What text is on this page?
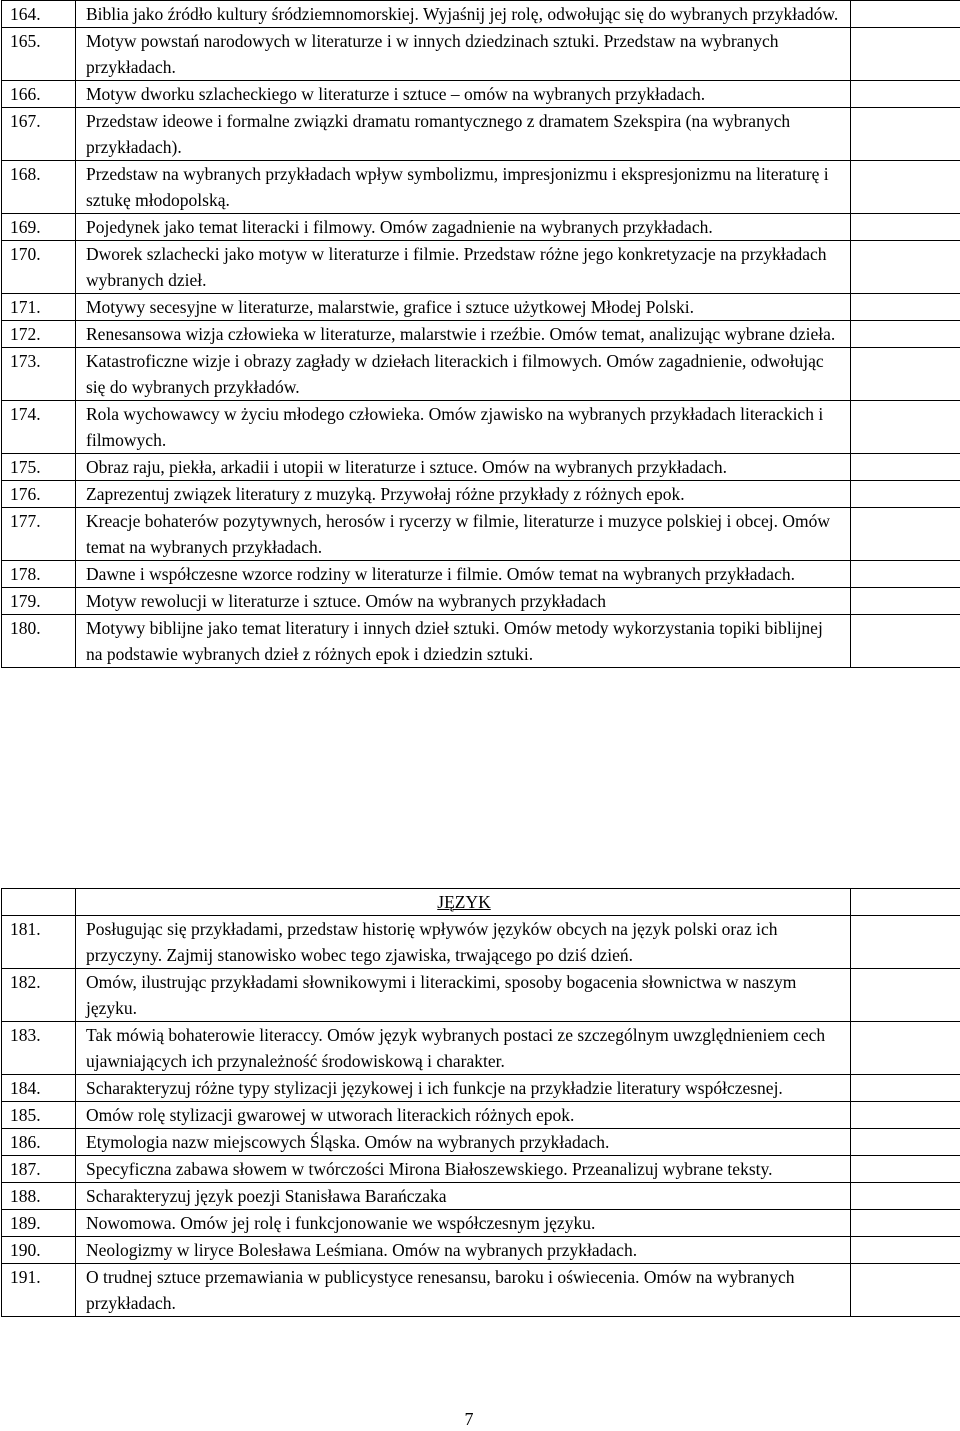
164.	Biblia jako źródło kultury śródziemnomorskiej. Wyjaśnij jej rolę, odwołując się do wybranych przykładów.	
165.	Motyw powstań narodowych w literaturze i w innych dziedzinach sztuki. Przedstaw na wybranych przykładach.	
166.	Motyw dworku szlacheckiego w literaturze i sztuce – omów na wybranych przykładach.	
167.	Przedstaw ideowe i formalne związki dramatu romantycznego z dramatem Szekspira (na wybranych przykładach).	
168.	Przedstaw na wybranych przykładach wpływ symbolizmu, impresjonizmu i ekspresjonizmu na literaturę i sztukę młodopolską.	
169.	Pojedynek jako temat literacki i filmowy. Omów zagadnienie na wybranych przykładach.	
170.	Dworek szlachecki jako motyw w literaturze i filmie. Przedstaw różne jego konkretyzacje na przykładach wybranych dzieł.	
171.	Motywy secesyjne w literaturze, malarstwie, grafice i sztuce użytkowej Młodej Polski.	
172.	Renesansowa wizja człowieka w literaturze, malarstwie i rzeźbie. Omów temat, analizując wybrane dzieła.	
173.	Katastroficzne wizje i obrazy zagłady w dziełach literackich i filmowych. Omów zagadnienie, odwołując się do wybranych przykładów.	
174.	Rola wychowawcy w życiu młodego człowieka. Omów zjawisko na wybranych przykładach literackich i filmowych.	
175.	Obraz raju, piekła, arkadii i utopii w literaturze i sztuce. Omów na wybranych przykładach.	
176.	Zaprezentuj związek literatury z muzyką. Przywołaj różne przykłady z różnych epok.	
177.	Kreacje bohaterów pozytywnych, herosów i rycerzy w filmie, literaturze i muzyce polskiej i obcej. Omów temat na wybranych przykładach.	
178.	Dawne i współczesne wzorce rodziny w literaturze i filmie. Omów temat na wybranych przykładach.	
179.	Motyw rewolucji w literaturze i sztuce. Omów na wybranych przykładach	
180.	Motywy biblijne jako temat literatury i innych dzieł sztuki. Omów metody wykorzystania topiki biblijnej na podstawie wybranych dzieł z różnych epok i dziedzin sztuki.	
	JĘZYK	
181.	Posługując się przykładami, przedstaw historię wpływów języków obcych na język polski oraz ich przyczyny. Zajmij stanowisko wobec tego zjawiska, trwającego po dziś dzień.	
182.	Omów, ilustrując przykładami słownikowymi i literackimi, sposoby bogacenia słownictwa w naszym języku.	
183.	Tak mówią bohaterowie literaccy. Omów język wybranych postaci ze szczególnym uwzględnieniem cech ujawniających ich przynależność środowiskową i charakter.	
184.	Scharakteryzuj różne typy stylizacji językowej i ich funkcje na przykładzie literatury współczesnej.	
185.	Omów rolę stylizacji gwarowej w utworach literackich różnych epok.	
186.	Etymologia nazw miejscowych Śląska. Omów na wybranych przykładach.	
187.	Specyficzna zabawa słowem w twórczości Mirona Białoszewskiego. Przeanalizuj wybrane teksty.	
188.	Scharakteryzuj język poezji Stanisława Barańczaka	
189.	Nowomowa. Omów jej rolę i funkcjonowanie we współczesnym języku.	
190.	Neologizmy w liryce Bolesława Leśmiana. Omów na wybranych przykładach.	
191.	O trudnej sztuce przemawiania w publicystyce renesansu, baroku i oświecenia. Omów na wybranych przykładach.	
7
